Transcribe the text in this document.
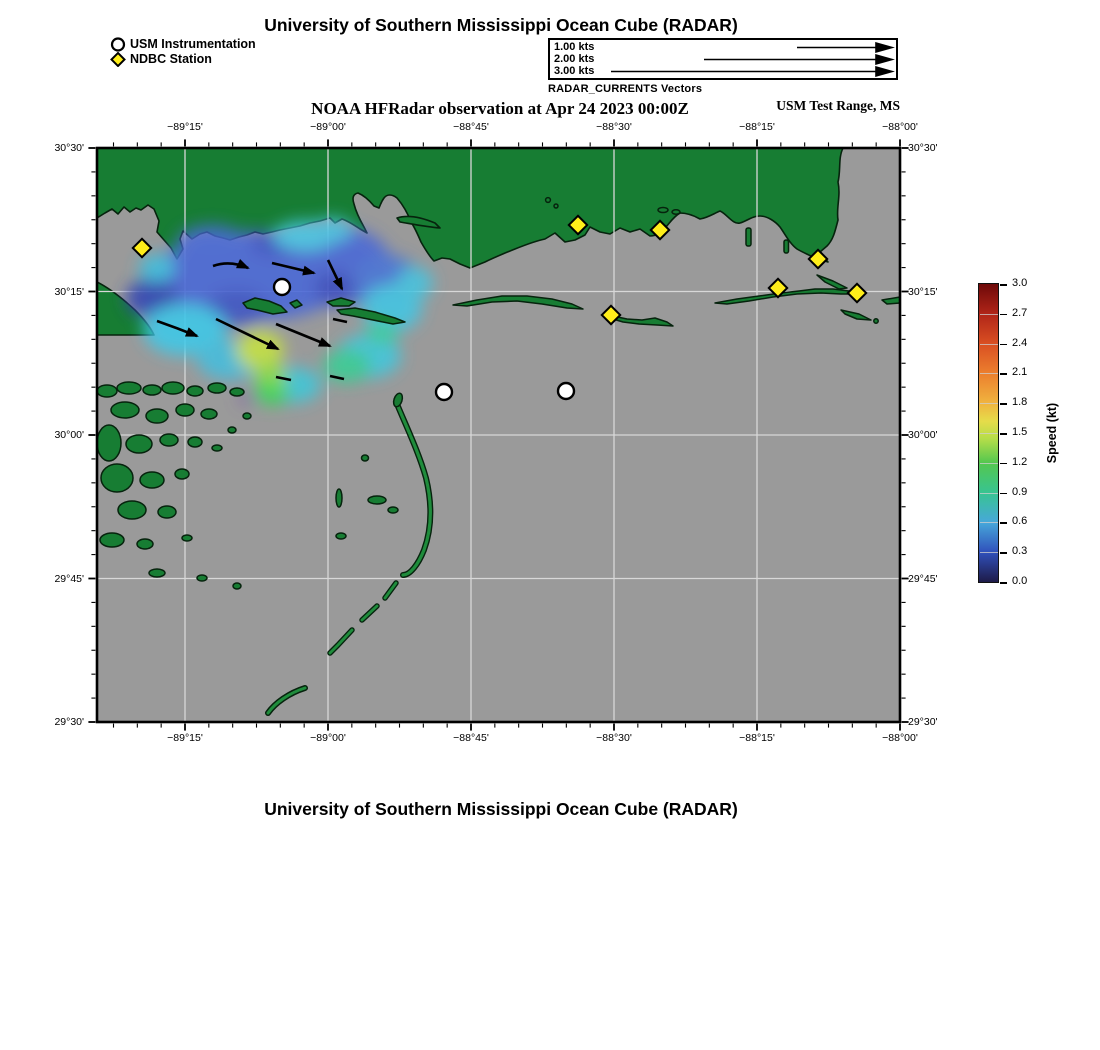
University of Southern Mississippi Ocean Cube (RADAR)
USM Instrumentation
NDBC Station
1.00 kts
2.00 kts
3.00 kts
RADAR_CURRENTS Vectors
NOAA HFRadar observation at Apr 24 2023 00:00Z	USM Test Range, MS
−89°15'
−89°15'
−89°00'
−89°00'
−88°45'
−88°45'
−88°30'
−88°30'
−88°15'
−88°15'
−88°00'
−88°00'
30°30'	30°30'
30°15'	30°15'
30°00'	30°00'
29°45'	29°45'
29°30'	29°30'
3.0
2.7
2.4
2.1
1.8
1.5
1.2
0.9
0.6
0.3
0.0
Speed (kt)
University of Southern Mississippi Ocean Cube (RADAR)
